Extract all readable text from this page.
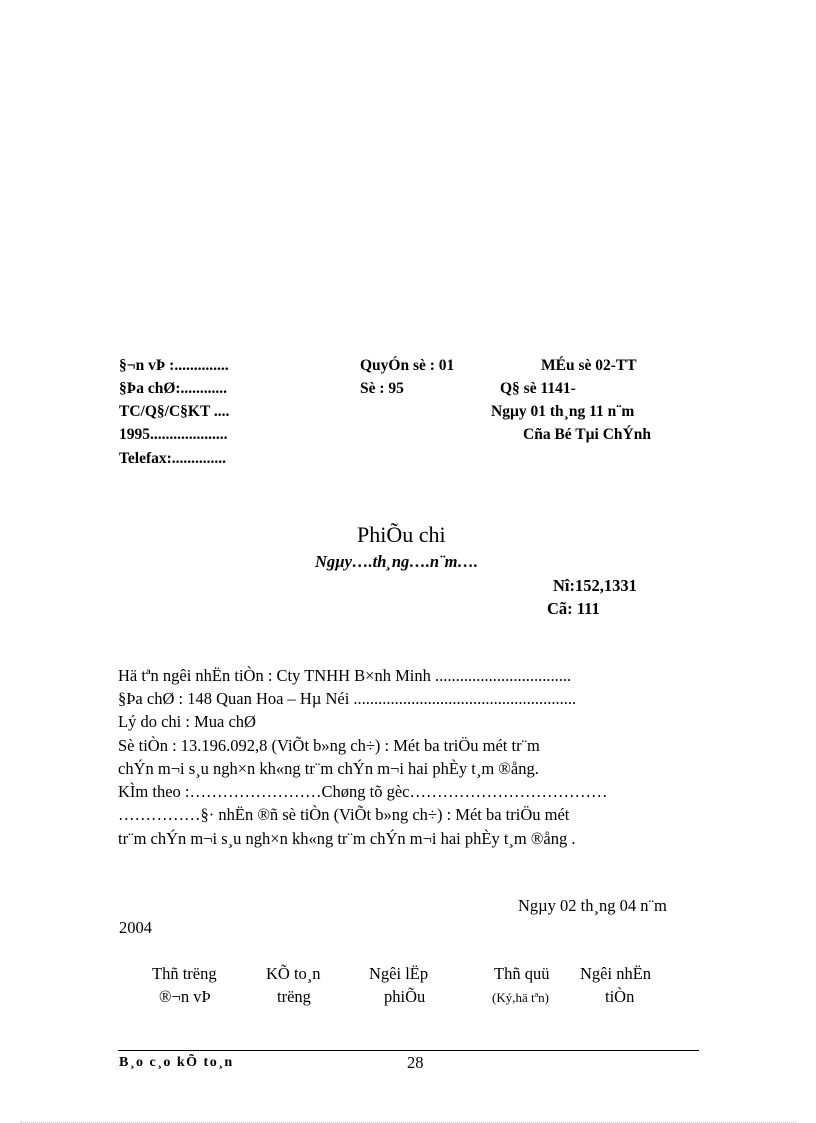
§¬n vÞ :..............
§Þa chØ:............
TC/Q§/C§KT ....
1995....................
Telefax:..............
QuyÓn sè : 01
Sè : 95
MÉu sè 02-TT
Q§ sè 1141-
Ngµy 01 th¸ng 11 n¨m
Cña Bé Tµi ChÝnh
PhiÕu chi
Ngµy….th¸ng….n¨m….
Nî:152,1331
Cã: 111
Hä tªn ngêi nhËn tiÒn : Cty TNHH B×nh Minh .................................
§Þa chØ : 148 Quan Hoa – Hµ Néi ......................................................
Lý do chi : Mua chØ
Sè tiÒn : 13.196.092,8 (ViÕt b»ng ch÷) : Mét ba triÖu mét tr¨m
chÝn m¬i s¸u ngh×n kh«ng tr¨m chÝn m¬i hai phÈy t¸m ®ång.
KÌm theo :……………………Chøng tõ gèc………………………………
……………§· nhËn ®ñ sè tiÒn (ViÕt b»ng ch÷) : Mét ba triÖu mét
tr¨m chÝn m¬i s¸u ngh×n kh«ng tr¨m chÝn m¬i hai phÈy t¸m ®ång .
Ngµy 02 th¸ng 04 n¨m
2004
Thñ trëng
®¬n vÞ
KÕ to¸n
trëng
Ngêi lËp
phiÕu
Thñ quü
(Ký,hä tªn)
Ngêi nhËn
tiÒn
B¸o c¸o kÕ to¸n	28
